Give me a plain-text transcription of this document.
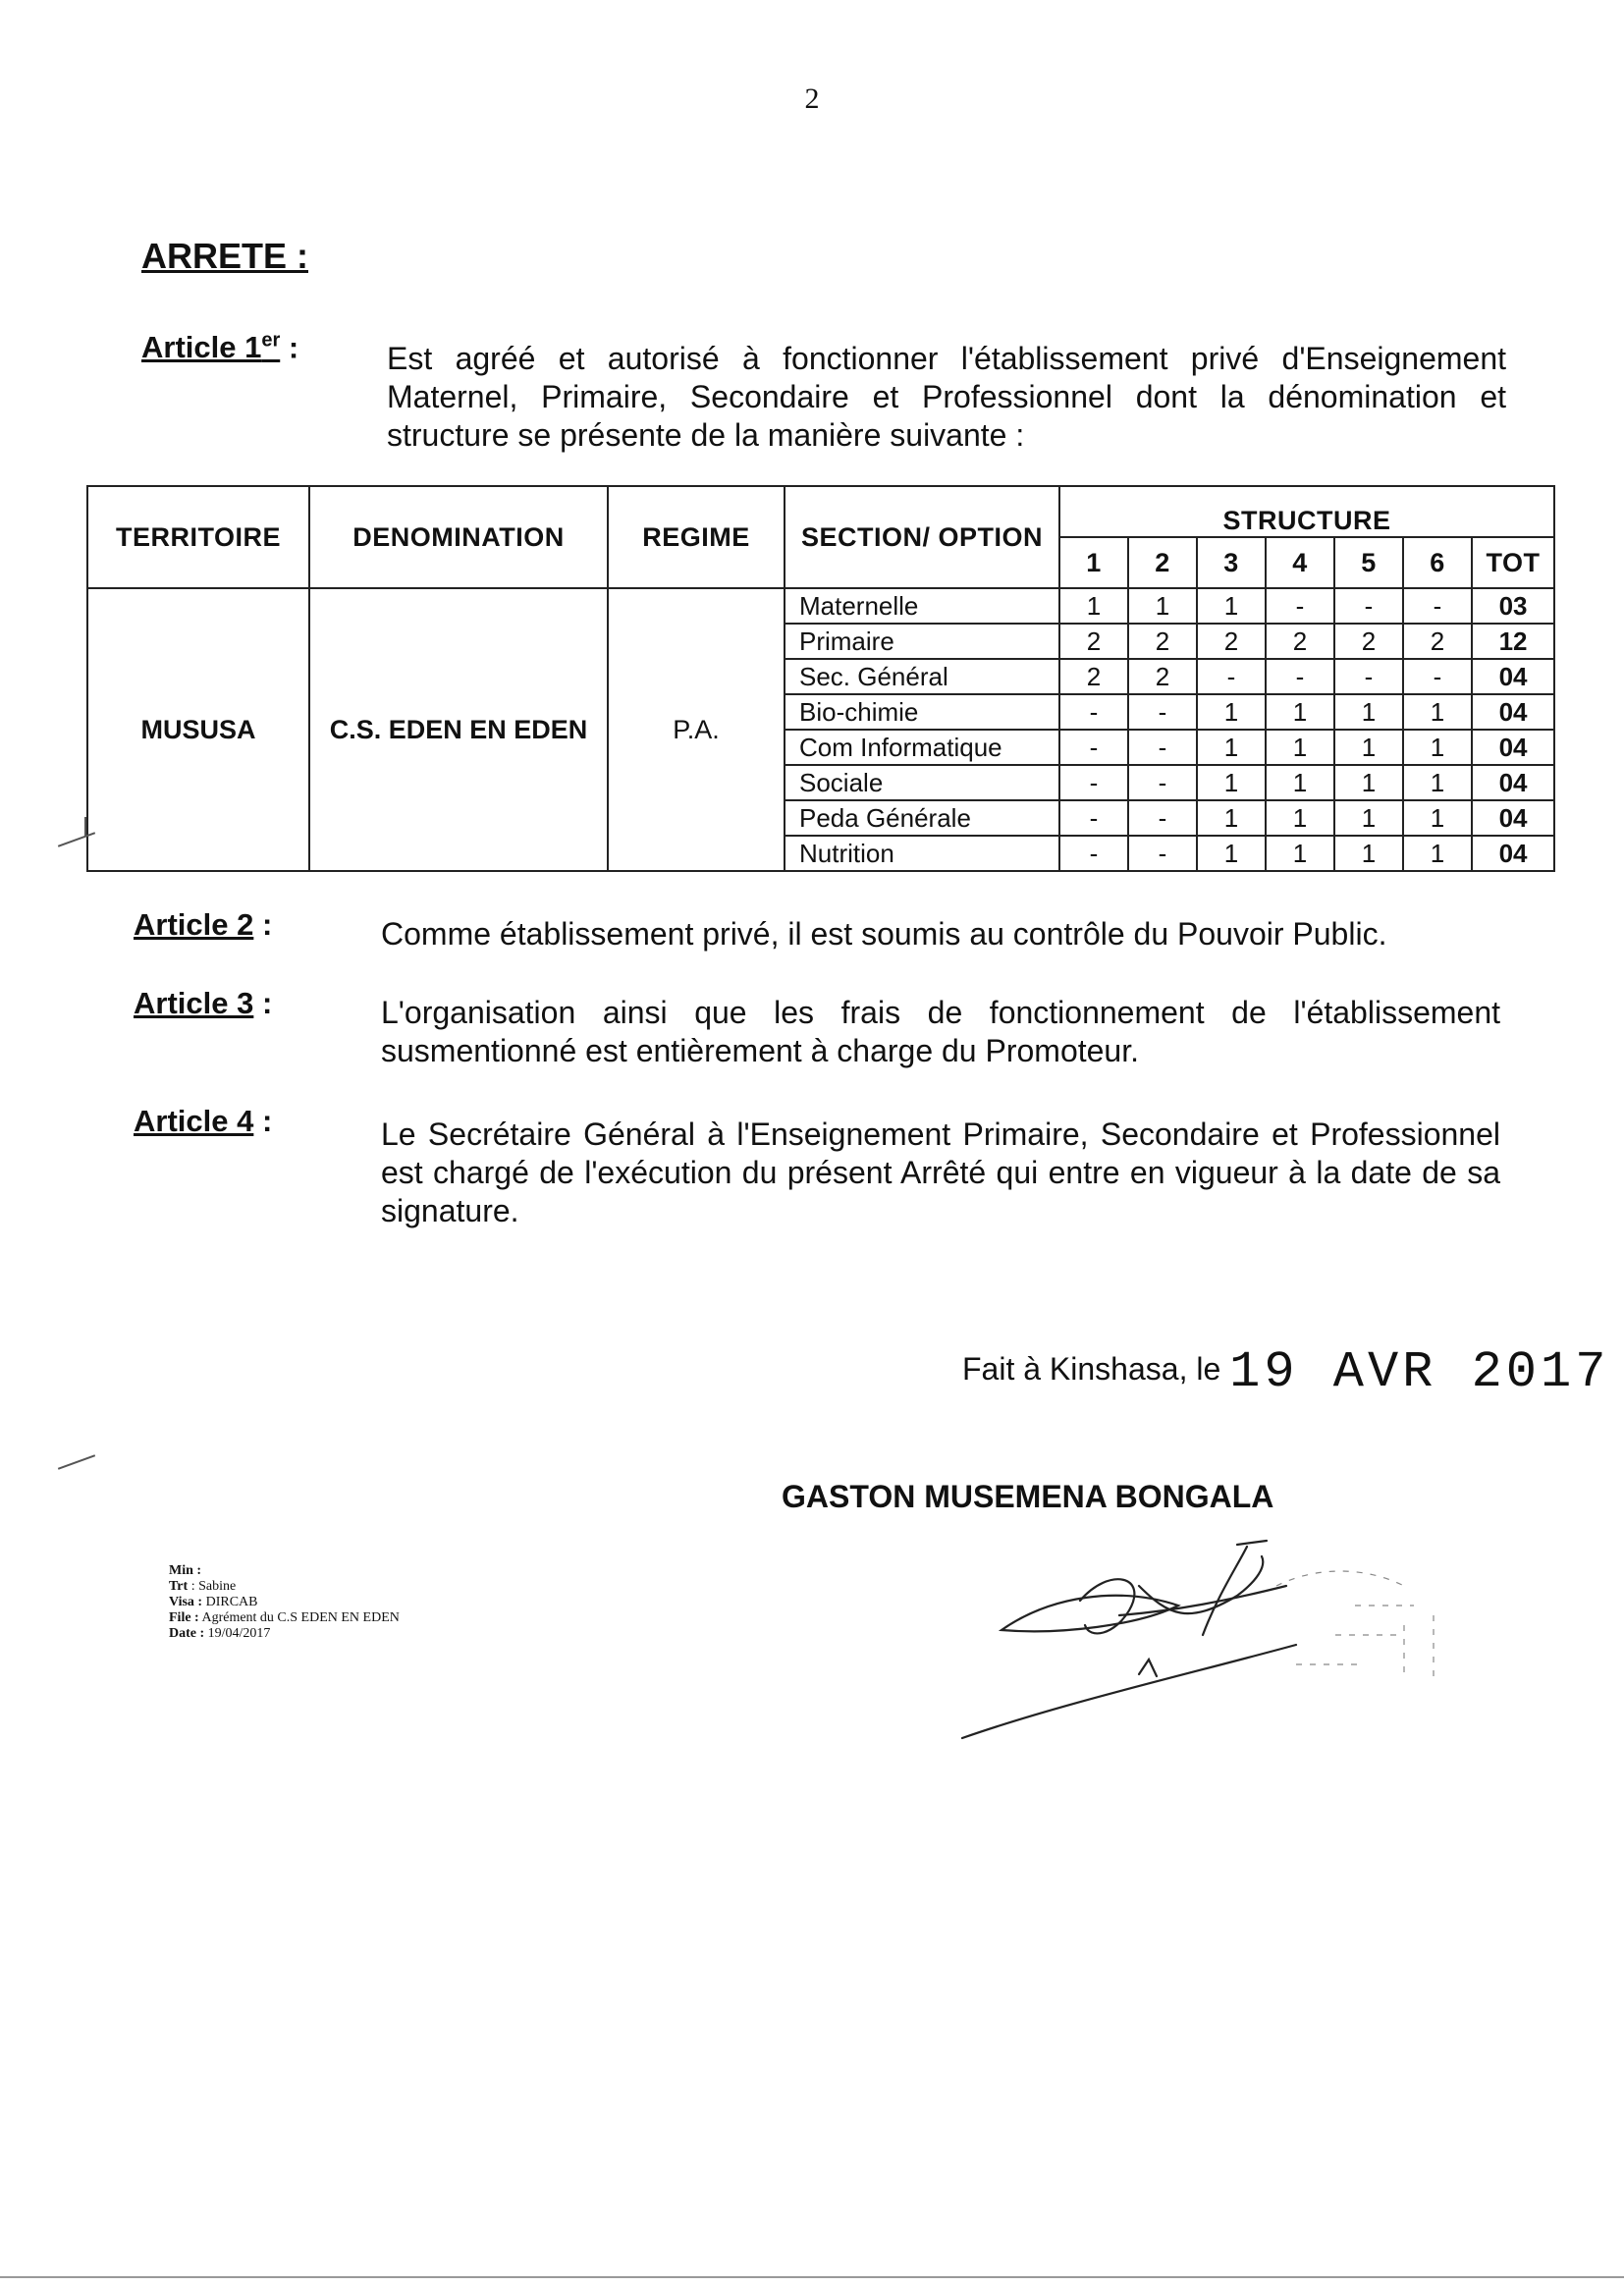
2
ARRETE :
Article 1er :	Est agréé et autorisé à fonctionner l'établissement privé d'Enseignement Maternel, Primaire, Secondaire et Professionnel dont la dénomination et structure se présente de la manière suivante :
TERRITOIRE	DENOMINATION	REGIME	SECTION/ OPTION	STRUCTURE						
				1	2	3	4	5	6	TOT
MUSUSA	C.S. EDEN EN EDEN	P.A.	Maternelle	1	1	1	-	-	-	03
			Primaire	2	2	2	2	2	2	12
			Sec. Général	2	2	-	-	-	-	04
			Bio-chimie	-	-	1	1	1	1	04
			Com Informatique	-	-	1	1	1	1	04
			Sociale	-	-	1	1	1	1	04
			Peda Générale	-	-	1	1	1	1	04
			Nutrition	-	-	1	1	1	1	04
Article 2 :	Comme établissement privé, il est soumis au contrôle du Pouvoir Public.
Article 3 :	L'organisation ainsi que les frais de fonctionnement de l'établissement susmentionné est entièrement à charge du Promoteur.
Article 4 :	Le Secrétaire Général à l'Enseignement Primaire, Secondaire et Professionnel est chargé de l'exécution du présent Arrêté qui entre en vigueur à la date de sa signature.
Fait à Kinshasa, le 19 AVR 2017
GASTON MUSEMENA BONGALA
Min :
Trt : Sabine
Visa : DIRCAB
File : Agrément du C.S EDEN EN EDEN
Date : 19/04/2017
